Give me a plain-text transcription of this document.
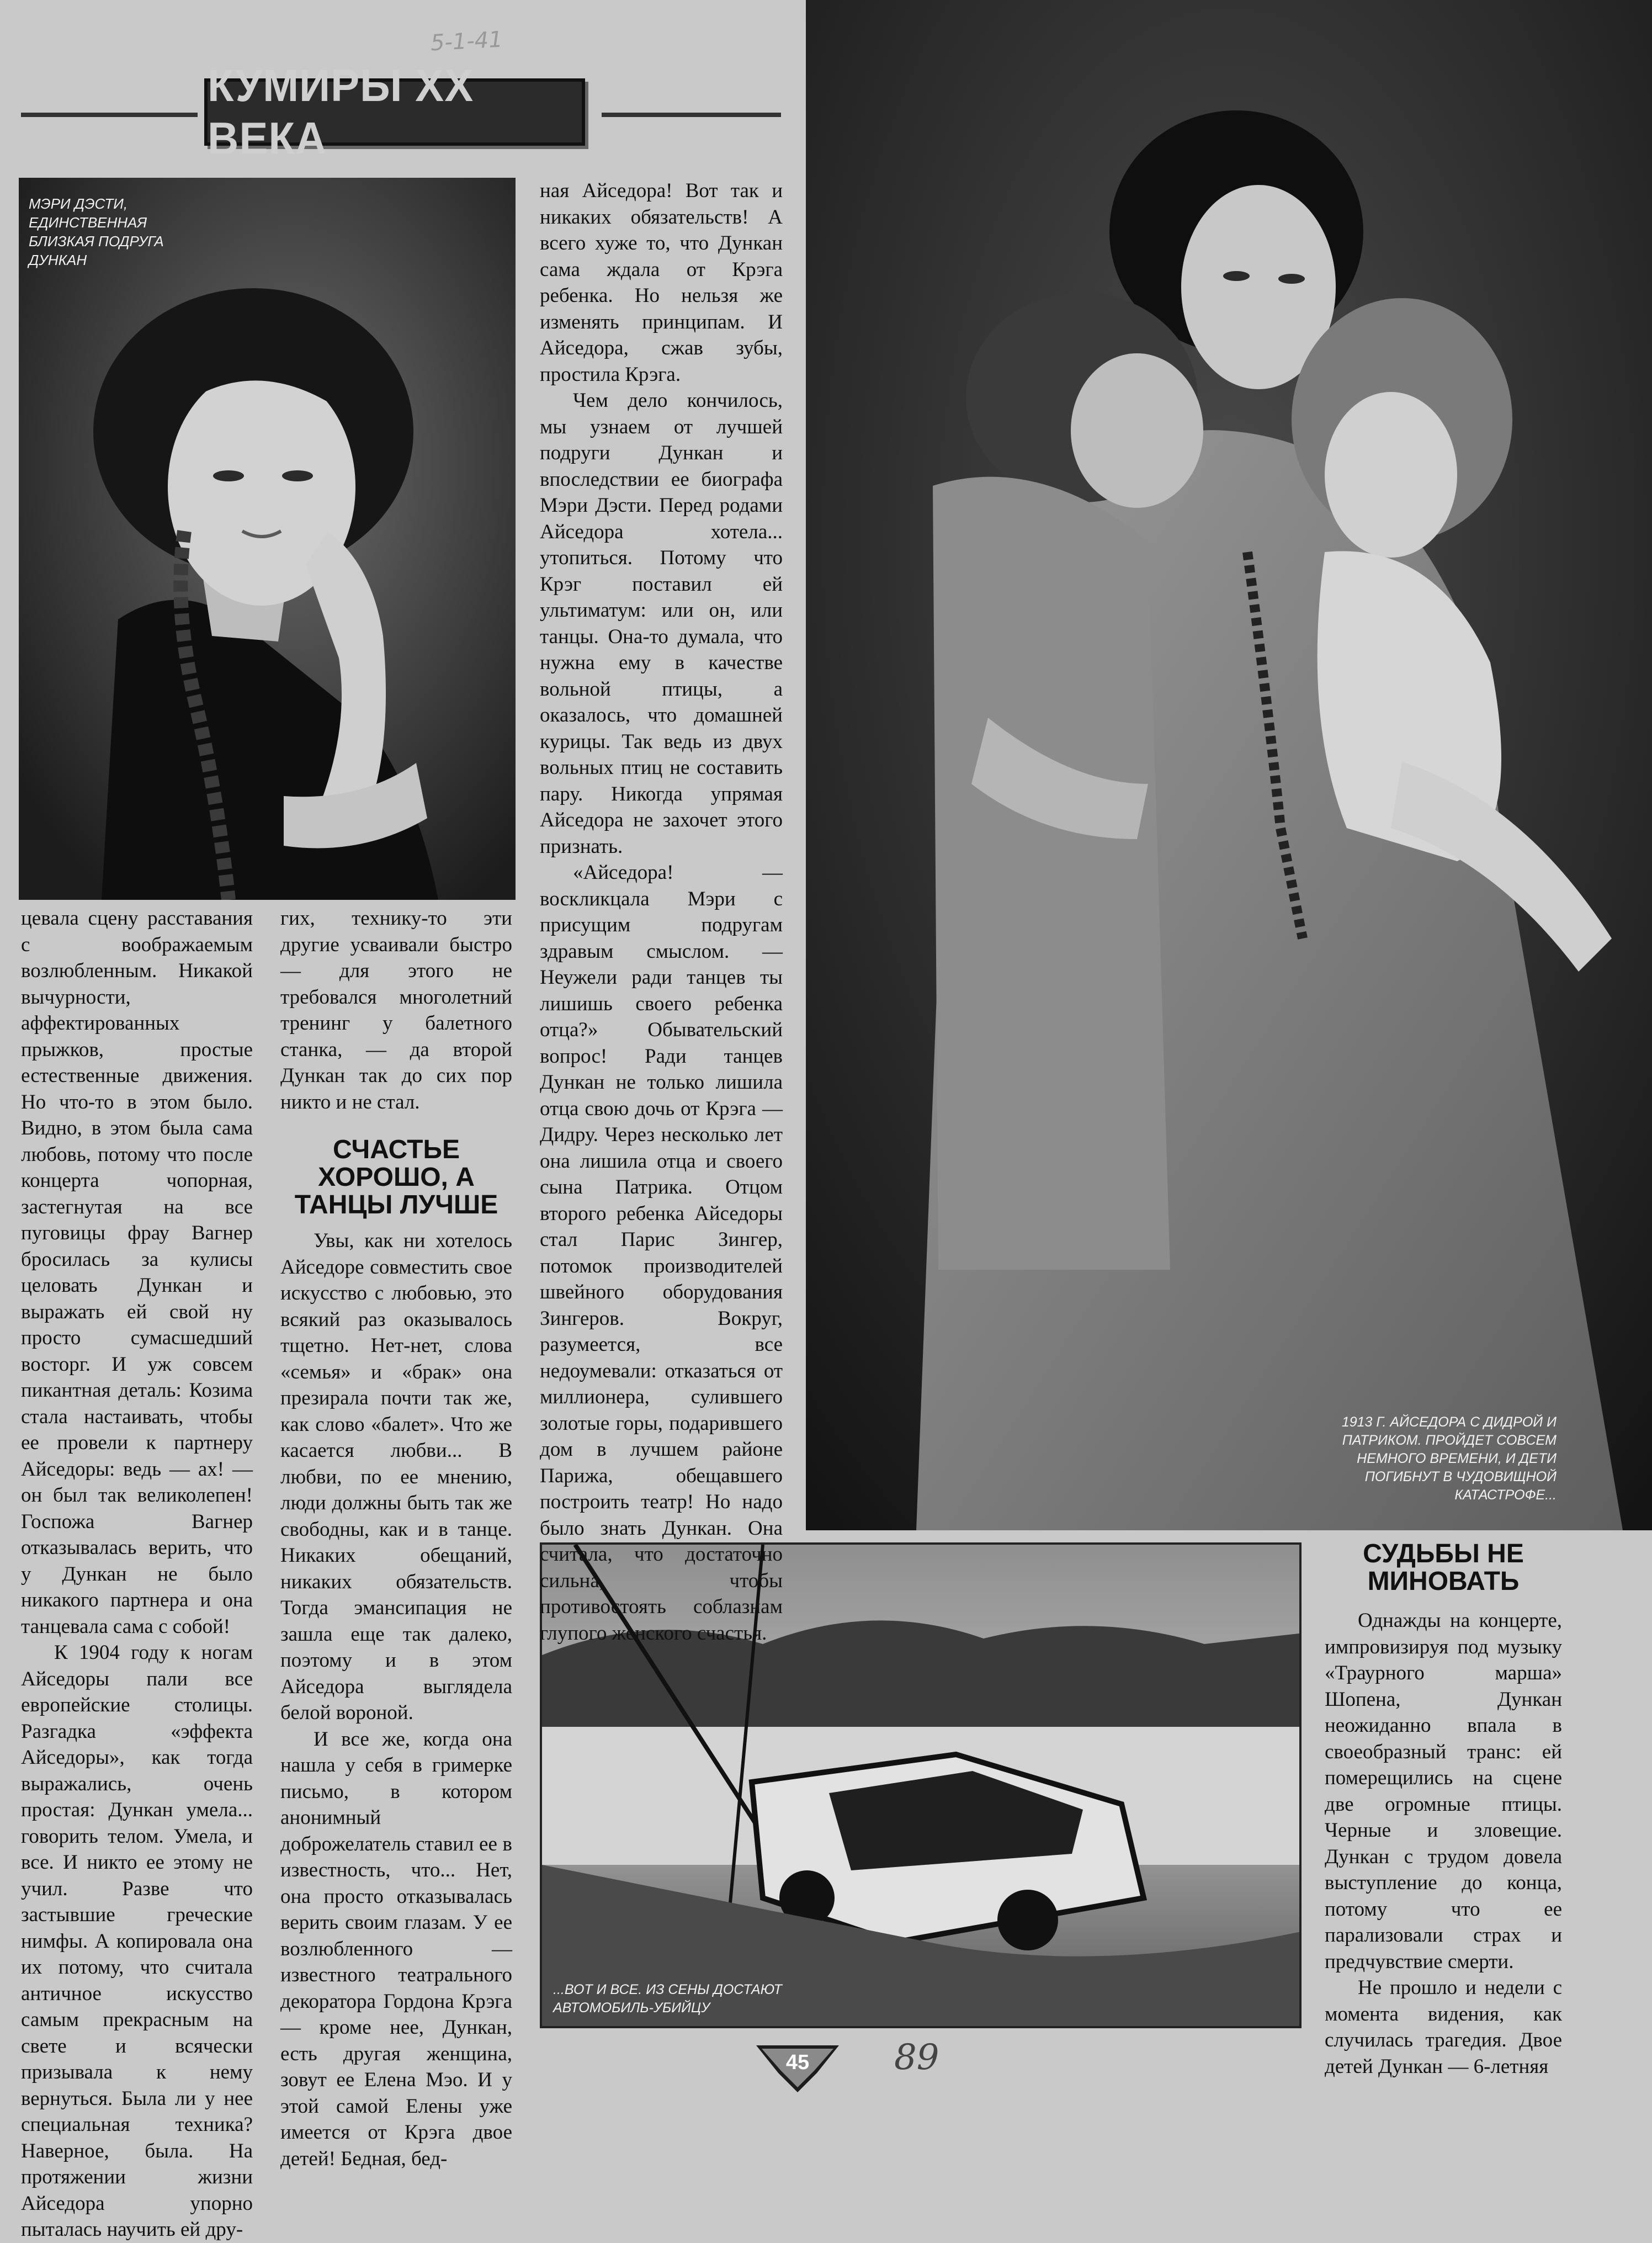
5-1-41
КУМИРЫ ХХ ВЕКА
МЭРИ ДЭСТИ, ЕДИНСТВЕННАЯ БЛИЗКАЯ ПОДРУГА ДУНКАН
1913 Г. АЙСЕДОРА С ДИДРОЙ И ПАТРИКОМ. ПРОЙДЕТ СОВСЕМ НЕМНОГО ВРЕМЕНИ, И ДЕТИ ПОГИБНУТ В ЧУДОВИЩНОЙ КАТАСТРОФЕ...
...ВОТ И ВСЕ. ИЗ СЕНЫ ДОСТАЮТ АВТОМОБИЛЬ-УБИЙЦУ

цевала сцену расставания с воображаемым возлюбленным. Никакой вычурности, аффектированных прыжков, простые естественные движения. Но что-то в этом было. Видно, в этом была сама любовь, потому что после концерта чопорная, застегнутая на все пуговицы фрау Вагнер бросилась за кулисы целовать Дункан и выражать ей свой ну просто сумасшедший восторг. И уж совсем пикантная деталь: Козима стала настаивать, чтобы ее провели к партнеру Айседоры: ведь — ах! — он был так великолепен! Госпожа Вагнер отказывалась верить, что у Дункан не было никакого партнера и она танцевала сама с собой!

К 1904 году к ногам Айседоры пали все европейские столицы. Разгадка «эффекта Айседоры», как тогда выражались, очень простая: Дункан умела... говорить телом. Умела, и все. И никто ее этому не учил. Разве что застывшие греческие нимфы. А копировала она их потому, что считала античное искусство самым прекрасным на свете и всячески призывала к нему вернуться. Была ли у нее специальная техника? Наверное, была. На протяжении жизни Айседора упорно пыталась научить ей дру-

гих, технику-то эти другие усваивали быстро — для этого не требовался многолетний тренинг у балетного станка, — да второй Дункан так до сих пор никто и не стал.

СЧАСТЬЕ ХОРОШО, А ТАНЦЫ ЛУЧШЕ

Увы, как ни хотелось Айседоре совместить свое искусство с любовью, это всякий раз оказывалось тщетно. Нет-нет, слова «семья» и «брак» она презирала почти так же, как слово «балет». Что же касается любви... В любви, по ее мнению, люди должны быть так же свободны, как и в танце. Никаких обещаний, никаких обязательств. Тогда эмансипация не зашла еще так далеко, поэтому и в этом Айседора выглядела белой вороной.

И все же, когда она нашла у себя в гримерке письмо, в котором анонимный доброжелатель ставил ее в известность, что... Нет, она просто отказывалась верить своим глазам. У ее возлюбленного — известного театрального декоратора Гордона Крэга — кроме нее, Дункан, есть другая женщина, зовут ее Елена Мэо. И у этой самой Елены уже имеется от Крэга двое детей! Бедная, бед-

ная Айседора! Вот так и никаких обязательств! А всего хуже то, что Дункан сама ждала от Крэга ребенка. Но нельзя же изменять принципам. И Айседора, сжав зубы, простила Крэга.

Чем дело кончилось, мы узнаем от лучшей подруги Дункан и впоследствии ее биографа Мэри Дэсти. Перед родами Айседора хотела... утопиться. Потому что Крэг поставил ей ультиматум: или он, или танцы. Она-то думала, что нужна ему в качестве вольной птицы, а оказалось, что домашней курицы. Так ведь из двух вольных птиц не составить пару. Никогда упрямая Айседора не захочет этого признать.

«Айседора! — воскликцала Мэри с присущим подругам здравым смыслом. — Неужели ради танцев ты лишишь своего ребенка отца?» Обывательский вопрос! Ради танцев Дункан не только лишила отца свою дочь от Крэга — Дидру. Через несколько лет она лишила отца и своего сына Патрика. Отцом второго ребенка Айседоры стал Парис Зингер, потомок производителей швейного оборудования Зингеров. Вокруг, разумеется, все недоумевали: отказаться от миллионера, сулившего золотые горы, подарившего дом в лучшем районе Парижа, обещавшего построить театр! Но надо было знать Дункан. Она считала, что достаточно сильна, чтобы противостоять соблазнам глупого женского счастья.

СУДЬБЫ НЕ МИНОВАТЬ

Однажды на концерте, импровизируя под музыку «Траурного марша» Шопена, Дункан неожиданно впала в своеобразный транс: ей померещились на сцене две огромные птицы. Черные и зловещие. Дункан с трудом довела выступление до конца, потому что ее парализовали страх и предчувствие смерти.

Не прошло и недели с момента видения, как случилась трагедия. Двое детей Дункан — 6-летняя

45	89
